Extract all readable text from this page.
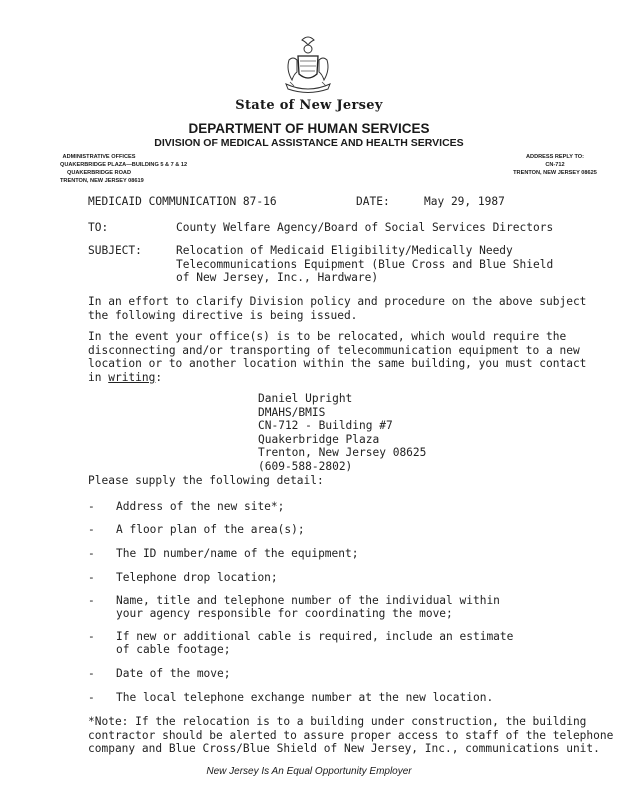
State of New Jersey
DEPARTMENT OF HUMAN SERVICES
DIVISION OF MEDICAL ASSISTANCE AND HEALTH SERVICES
ADMINISTRATIVE OFFICES
QUAKERBRIDGE PLAZA—BUILDING 5 & 7 & 12
QUAKERBRIDGE ROAD
TRENTON, NEW JERSEY 08619
ADDRESS REPLY TO:
CN-712
TRENTON, NEW JERSEY 08625
MEDICAID COMMUNICATION 87-16	DATE:	May 29, 1987
TO:	County Welfare Agency/Board of Social Services Directors
SUBJECT:	Relocation of Medicaid Eligibility/Medically Needy
Telecommunications Equipment (Blue Cross and Blue Shield
of New Jersey, Inc., Hardware)
In an effort to clarify Division policy and procedure on the above subject
the following directive is being issued.
In the event your office(s) is to be relocated, which would require the
disconnecting and/or transporting of telecommunication equipment to a new
location or to another location within the same building, you must contact
in writing:
Daniel Upright
DMAHS/BMIS
CN-712 - Building #7
Quakerbridge Plaza
Trenton, New Jersey 08625
(609-588-2802)
Please supply the following detail:
- Address of the new site*;
- A floor plan of the area(s);
- The ID number/name of the equipment;
- Telephone drop location;
- Name, title and telephone number of the individual within
your agency responsible for coordinating the move;
- If new or additional cable is required, include an estimate
of cable footage;
- Date of the move;
- The local telephone exchange number at the new location.
*Note: If the relocation is to a building under construction, the building
contractor should be alerted to assure proper access to staff of the telephone
company and Blue Cross/Blue Shield of New Jersey, Inc., communications unit.
New Jersey Is An Equal Opportunity Employer
